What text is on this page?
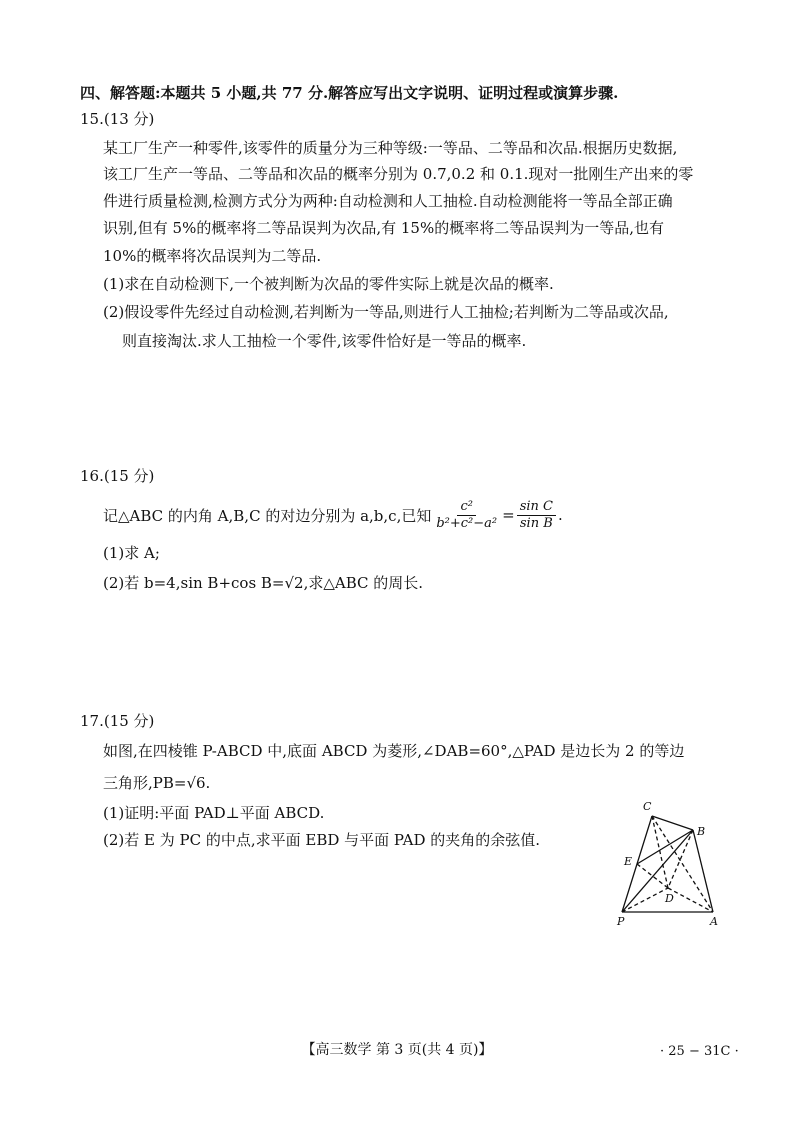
四、解答题:本题共 5 小题,共 77 分.解答应写出文字说明、证明过程或演算步骤.
15.(13 分)
某工厂生产一种零件,该零件的质量分为三种等级:一等品、二等品和次品.根据历史数据,
该工厂生产一等品、二等品和次品的概率分别为 0.7,0.2 和 0.1.现对一批刚生产出来的零
件进行质量检测,检测方式分为两种:自动检测和人工抽检.自动检测能将一等品全部正确
识别,但有 5%的概率将二等品误判为次品,有 15%的概率将二等品误判为一等品,也有
10%的概率将次品误判为二等品.
(1)求在自动检测下,一个被判断为次品的零件实际上就是次品的概率.
(2)假设零件先经过自动检测,若判断为一等品,则进行人工抽检;若判断为二等品或次品,
则直接淘汰.求人工抽检一个零件,该零件恰好是一等品的概率.
16.(15 分)
记△ABC 的内角 A,B,C 的对边分别为 a,b,c,已知 $\frac{\text{c²}}{\text{b²+c²−a²}} = \frac{\text{sin C}}{\text{sin B}}$ .
(1)求 A;
(2)若 b=4,sin B+cos B=√2,求△ABC 的周长.
17.(15 分)
如图,在四棱锥 P-ABCD 中,底面 ABCD 为菱形,∠DAB=60°,△PAD 是边长为 2 的等边
三角形,PB=√6.
(1)证明:平面 PAD⊥平面 ABCD.
(2)若 E 为 PC 的中点,求平面 EBD 与平面 PAD 的夹角的余弦值.
C
B
E
D
P	A
【高三数学 第 3 页(共 4 页)】	· 25 − 31C ·
